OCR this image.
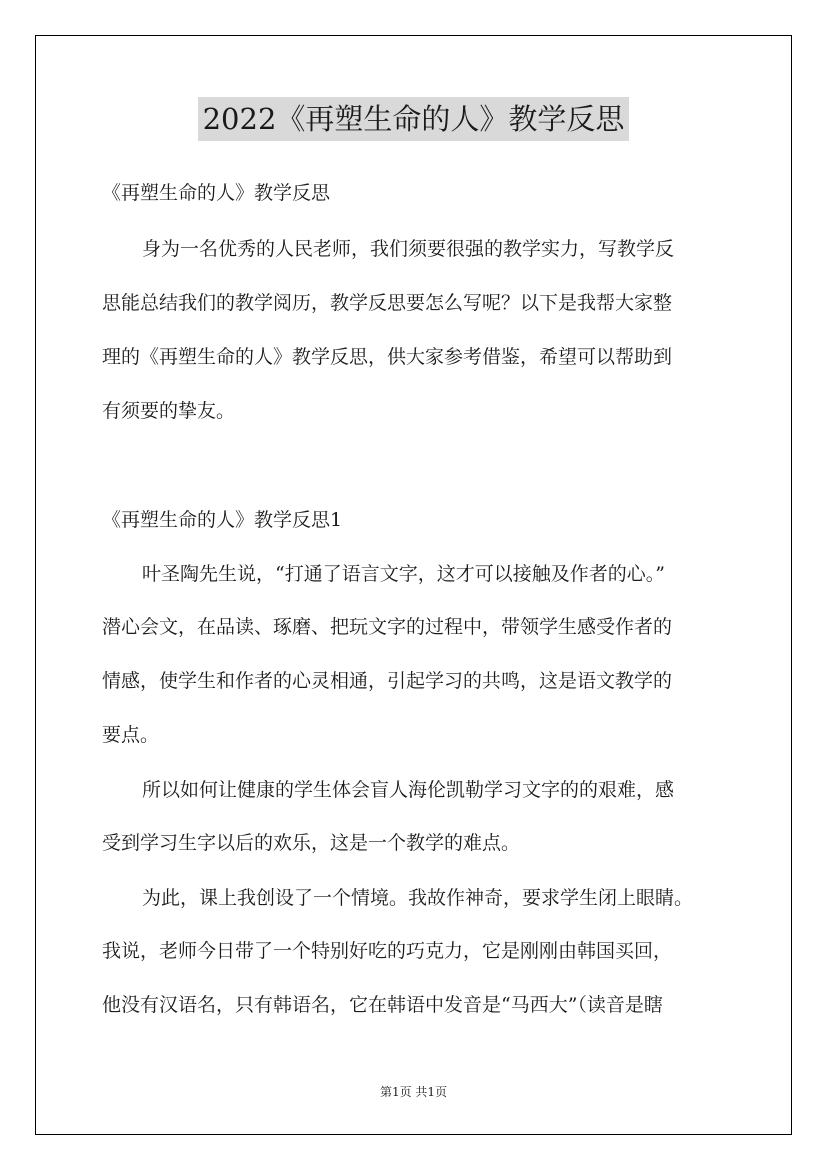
2022《再塑生命的人》教学反思

《再塑生命的人》教学反思

身为一名优秀的人民老师，我们须要很强的教学实力，写教学反

思能总结我们的教学阅历，教学反思要怎么写呢？以下是我帮大家整

理的《再塑生命的人》教学反思，供大家参考借鉴，希望可以帮助到

有须要的挚友。

《再塑生命的人》教学反思1

叶圣陶先生说，“打通了语言文字，这才可以接触及作者的心。”

潜心会文，在品读、琢磨、把玩文字的过程中，带领学生感受作者的

情感，使学生和作者的心灵相通，引起学习的共鸣，这是语文教学的

要点。

所以如何让健康的学生体会盲人海伦凯勒学习文字的的艰难，感

受到学习生字以后的欢乐，这是一个教学的难点。

为此，课上我创设了一个情境。我故作神奇，要求学生闭上眼睛。

我说，老师今日带了一个特别好吃的巧克力，它是刚刚由韩国买回，

他没有汉语名，只有韩语名，它在韩语中发音是“马西大”（读音是瞎

第1页 共1页
